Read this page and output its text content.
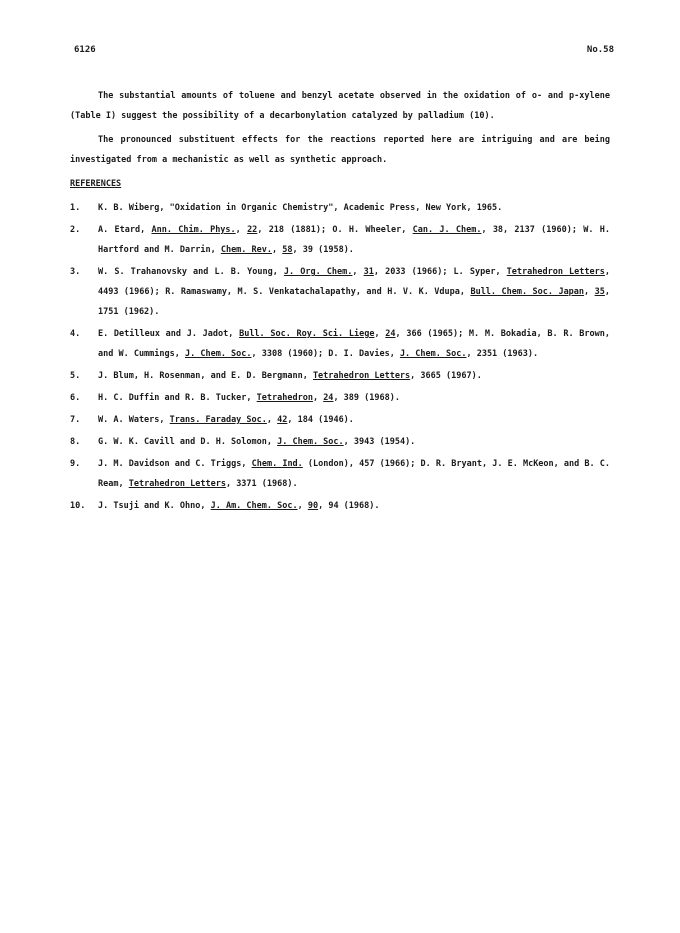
6126	No.58

The substantial amounts of toluene and benzyl acetate observed in the oxidation of o- and p-xylene (Table I) suggest the possibility of a decarbonylation catalyzed by palladium (10).

The pronounced substituent effects for the reactions reported here are intriguing and are being investigated from a mechanistic as well as synthetic approach.

REFERENCES
1.	K. B. Wiberg, "Oxidation in Organic Chemistry", Academic Press, New York, 1965.
2.	A. Etard, Ann. Chim. Phys., 22, 218 (1881); O. H. Wheeler, Can. J. Chem., 38, 2137 (1960); W. H. Hartford and M. Darrin, Chem. Rev., 58, 39 (1958).
3.	W. S. Trahanovsky and L. B. Young, J. Org. Chem., 31, 2033 (1966); L. Syper, Tetrahedron Letters, 4493 (1966); R. Ramaswamy, M. S. Venkatachalapathy, and H. V. K. Vdupa, Bull. Chem. Soc. Japan, 35, 1751 (1962).
4.	E. Detilleux and J. Jadot, Bull. Soc. Roy. Sci. Liege, 24, 366 (1965); M. M. Bokadia, B. R. Brown, and W. Cummings, J. Chem. Soc., 3308 (1960); D. I. Davies, J. Chem. Soc., 2351 (1963).
5.	J. Blum, H. Rosenman, and E. D. Bergmann, Tetrahedron Letters, 3665 (1967).
6.	H. C. Duffin and R. B. Tucker, Tetrahedron, 24, 389 (1968).
7.	W. A. Waters, Trans. Faraday Soc., 42, 184 (1946).
8.	G. W. K. Cavill and D. H. Solomon, J. Chem. Soc., 3943 (1954).
9.	J. M. Davidson and C. Triggs, Chem. Ind. (London), 457 (1966); D. R. Bryant, J. E. McKeon, and B. C. Ream, Tetrahedron Letters, 3371 (1968).
10.	J. Tsuji and K. Ohno, J. Am. Chem. Soc., 90, 94 (1968).
